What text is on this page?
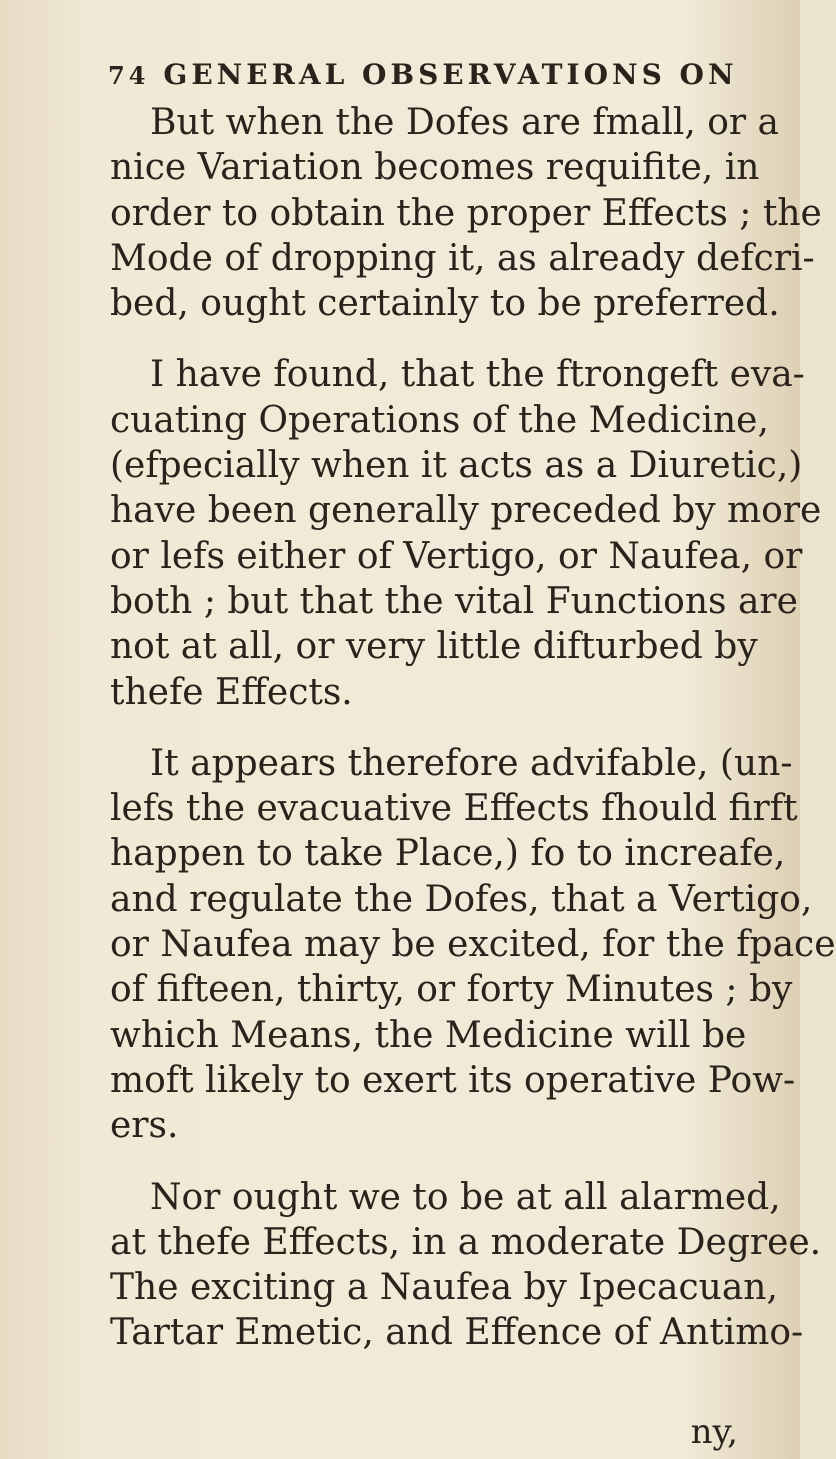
74 GENERAL OBSERVATIONS ON
But when the Dofes are fmall, or a
nice Variation becomes requifite, in
order to obtain the proper Effects ; the
Mode of dropping it, as already defcri-
bed, ought certainly to be preferred.
I have found, that the ftrongeft eva-
cuating Operations of the Medicine,
(efpecially when it acts as a Diuretic,)
have been generally preceded by more
or lefs either of Vertigo, or Naufea, or
both ; but that the vital Functions are
not at all, or very little difturbed by
thefe Effects.
It appears therefore advifable, (un-
lefs the evacuative Effects fhould firft
happen to take Place,) fo to increafe,
and regulate the Dofes, that a Vertigo,
or Naufea may be excited, for the fpace
of fifteen, thirty, or forty Minutes ; by
which Means, the Medicine will be
moft likely to exert its operative Pow-
ers.
Nor ought we to be at all alarmed,
at thefe Effects, in a moderate Degree.
The exciting a Naufea by Ipecacuan,
Tartar Emetic, and Effence of Antimo-
ny,
